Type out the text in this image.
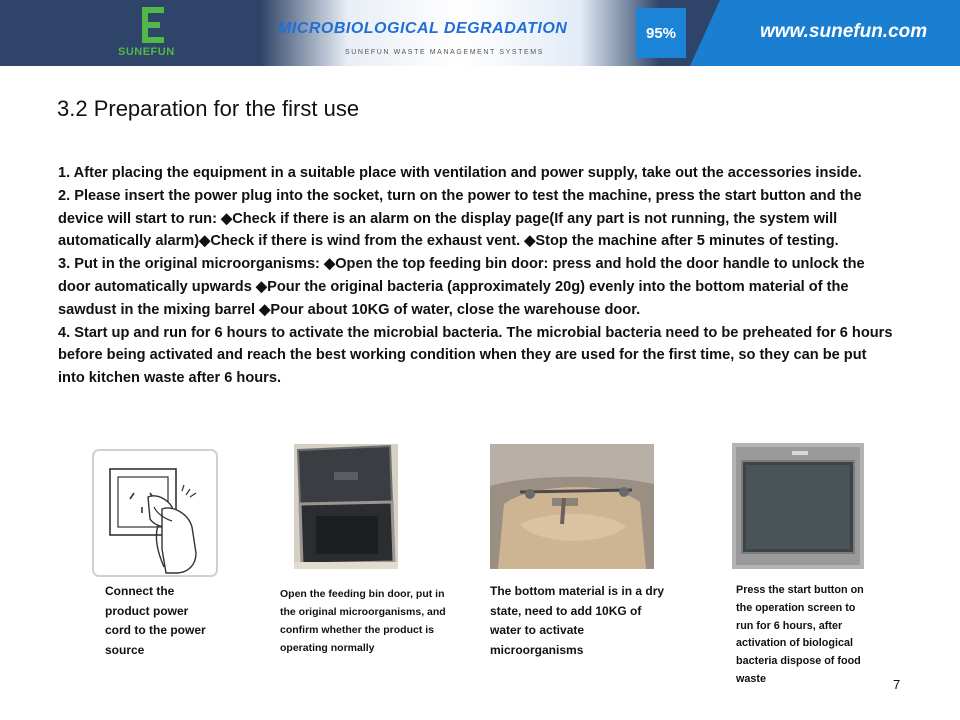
SUNEFUN
MICROBIOLOGICAL DEGRADATION
SUNEFUN WASTE MANAGEMENT SYSTEMS
95%	www.sunefun.com
3.2 Preparation for the first use

1. After placing the equipment in a suitable place with ventilation and power supply, take out the accessories inside.

2. Please insert the power plug into the socket, turn on the power to test the machine, press the start button and the device will start to run: ◆Check if there is an alarm on the display page(If any part is not running, the system will automatically alarm)◆Check if there is wind from the exhaust vent. ◆Stop the machine after 5 minutes of testing.

3. Put in the original microorganisms: ◆Open the top feeding bin door: press and hold the door handle to unlock the door automatically upwards ◆Pour the original bacteria (approximately 20g) evenly into the bottom material of the sawdust in the mixing barrel ◆Pour about 10KG of water, close the warehouse door.

4. Start up and run for 6 hours to activate the microbial bacteria. The microbial bacteria need to be preheated for 6 hours before being activated and reach the best working condition when they are used for the first time, so they can be put into kitchen waste after 6 hours.

Connect the product power cord to the power source
Open the feeding bin door, put in the original microorganisms, and confirm whether the product is operating normally
The bottom material is in a dry state, need to add 10KG of water to activate microorganisms
Press the start button on the operation screen to run for 6 hours, after activation of biological bacteria dispose of food waste	7
